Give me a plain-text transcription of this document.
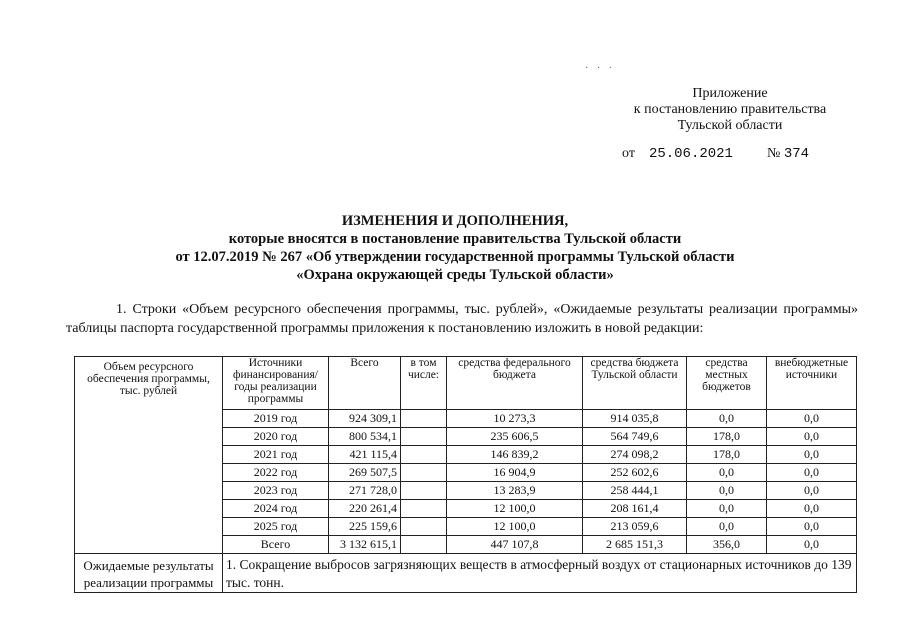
· · ·
Приложение
к постановлению правительства
Тульской области
от 25.06.2021 № 374
ИЗМЕНЕНИЯ И ДОПОЛНЕНИЯ,
которые вносятся в постановление правительства Тульской области
от 12.07.2019 № 267 «Об утверждении государственной программы Тульской области
«Охрана окружающей среды Тульской области»
1. Строки «Объем ресурсного обеспечения программы, тыс. рублей», «Ожидаемые результаты реализации программы» таблицы паспорта государственной программы приложения к постановлению изложить в новой редакции:
Объем ресурсного обеспечения программы, тыс. рублей	Источники финансирования/ годы реализации программы	Всего	в том числе:	средства федерального бюджета	средства бюджета Тульской области	средства местных бюджетов	внебюджетные источники
	2019 год	924 309,1		10 273,3	914 035,8	0,0	0,0
	2020 год	800 534,1		235 606,5	564 749,6	178,0	0,0
	2021 год	421 115,4		146 839,2	274 098,2	178,0	0,0
	2022 год	269 507,5		16 904,9	252 602,6	0,0	0,0
	2023 год	271 728,0		13 283,9	258 444,1	0,0	0,0
	2024 год	220 261,4		12 100,0	208 161,4	0,0	0,0
	2025 год	225 159,6		12 100,0	213 059,6	0,0	0,0
	Всего	3 132 615,1		447 107,8	2 685 151,3	356,0	0,0
Ожидаемые результаты реализации программы	1. Сокращение выбросов загрязняющих веществ в атмосферный воздух от стационарных источников до 139 тыс. тонн.						
